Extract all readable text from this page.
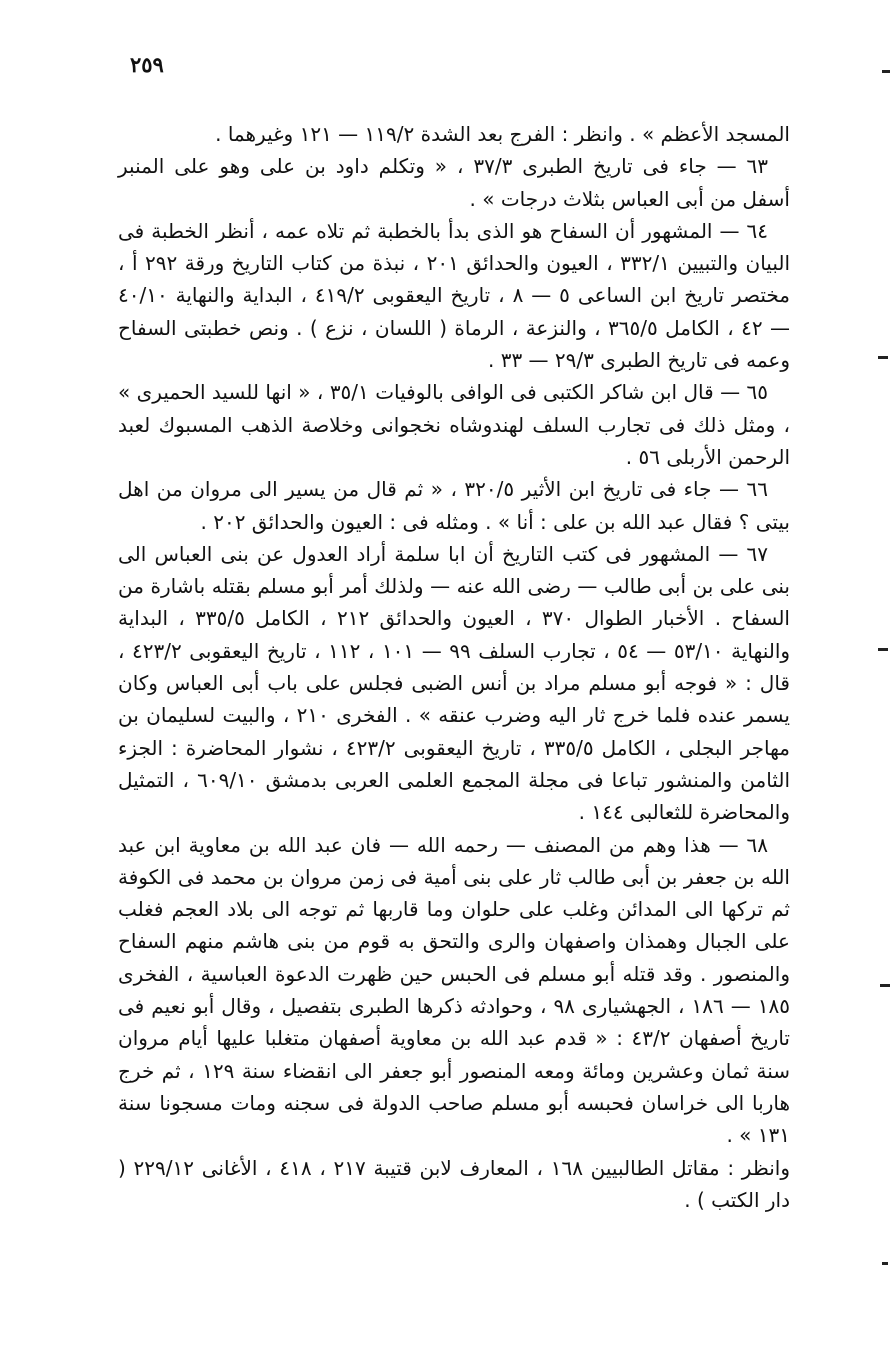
٢٥٩

المسجد الأعظم » . وانظر : الفرج بعد الشدة ١١٩/٢ — ١٢١ وغيرهما .

٦٣ — جاء فى تاريخ الطبرى ٣٧/٣ ، « وتكلم داود بن على وهو على المنبر أسفل من أبى العباس بثلاث درجات » .

٦٤ — المشهور أن السفاح هو الذى بدأ بالخطبة ثم تلاه عمه ، أنظر الخطبة فى البيان والتبيين ٣٣٢/١ ، العيون والحدائق ٢٠١ ، نبذة من كتاب التاريخ ورقة ٢٩٢ أ ، مختصر تاريخ ابن الساعى ٥ — ٨ ، تاريخ اليعقوبى ٤١٩/٢ ، البداية والنهاية ٤٠/١٠ — ٤٢ ، الكامل ٣٦٥/٥ ، والنزعة ، الرماة ( اللسان ، نزع ) . ونص خطبتى السفاح وعمه فى تاريخ الطبرى ٢٩/٣ — ٣٣ .

٦٥ — قال ابن شاكر الكتبى فى الوافى بالوفيات ٣٥/١ ، « انها للسيد الحميرى » ، ومثل ذلك فى تجارب السلف لهندوشاه نخجوانى وخلاصة الذهب المسبوك لعبد الرحمن الأربلى ٥٦ .

٦٦ — جاء فى تاريخ ابن الأثير ٣٢٠/٥ ، « ثم قال من يسير الى مروان من اهل بيتى ؟ فقال عبد الله بن على : أنا » . ومثله فى : العيون والحدائق ٢٠٢ .

٦٧ — المشهور فى كتب التاريخ أن ابا سلمة أراد العدول عن بنى العباس الى بنى على بن أبى طالب — رضى الله عنه — ولذلك أمر أبو مسلم بقتله باشارة من السفاح . الأخبار الطوال ٣٧٠ ، العيون والحدائق ٢١٢ ، الكامل ٣٣٥/٥ ، البداية والنهاية ٥٣/١٠ — ٥٤ ، تجارب السلف ٩٩ — ١٠١ ، ١١٢ ، تاريخ اليعقوبى ٤٢٣/٢ ، قال : « فوجه أبو مسلم مراد بن أنس الضبى فجلس على باب أبى العباس وكان يسمر عنده فلما خرج ثار اليه وضرب عنقه » . الفخرى ٢١٠ ، والبيت لسليمان بن مهاجر البجلى ، الكامل ٣٣٥/٥ ، تاريخ اليعقوبى ٤٢٣/٢ ، نشوار المحاضرة : الجزء الثامن والمنشور تباعا فى مجلة المجمع العلمى العربى بدمشق ٦٠٩/١٠ ، التمثيل والمحاضرة للثعالبى ١٤٤ .

٦٨ — هذا وهم من المصنف — رحمه الله — فان عبد الله بن معاوية ابن عبد الله بن جعفر بن أبى طالب ثار على بنى أمية فى زمن مروان بن محمد فى الكوفة ثم تركها الى المدائن وغلب على حلوان وما قاربها ثم توجه الى بلاد العجم فغلب على الجبال وهمذان واصفهان والرى والتحق به قوم من بنى هاشم منهم السفاح والمنصور . وقد قتله أبو مسلم فى الحبس حين ظهرت الدعوة العباسية ، الفخرى ١٨٥ — ١٨٦ ، الجهشيارى ٩٨ ، وحوادثه ذكرها الطبرى بتفصيل ، وقال أبو نعيم فى تاريخ أصفهان ٤٣/٢ : « قدم عبد الله بن معاوية أصفهان متغلبا عليها أيام مروان سنة ثمان وعشرين ومائة ومعه المنصور أبو جعفر الى انقضاء سنة ١٢٩ ، ثم خرج هاربا الى خراسان فحبسه أبو مسلم صاحب الدولة فى سجنه ومات مسجونا سنة ١٣١ » .

وانظر : مقاتل الطالبيين ١٦٨ ، المعارف لابن قتيبة ٢١٧ ، ٤١٨ ، الأغانى ٢٢٩/١٢ ( دار الكتب ) .
